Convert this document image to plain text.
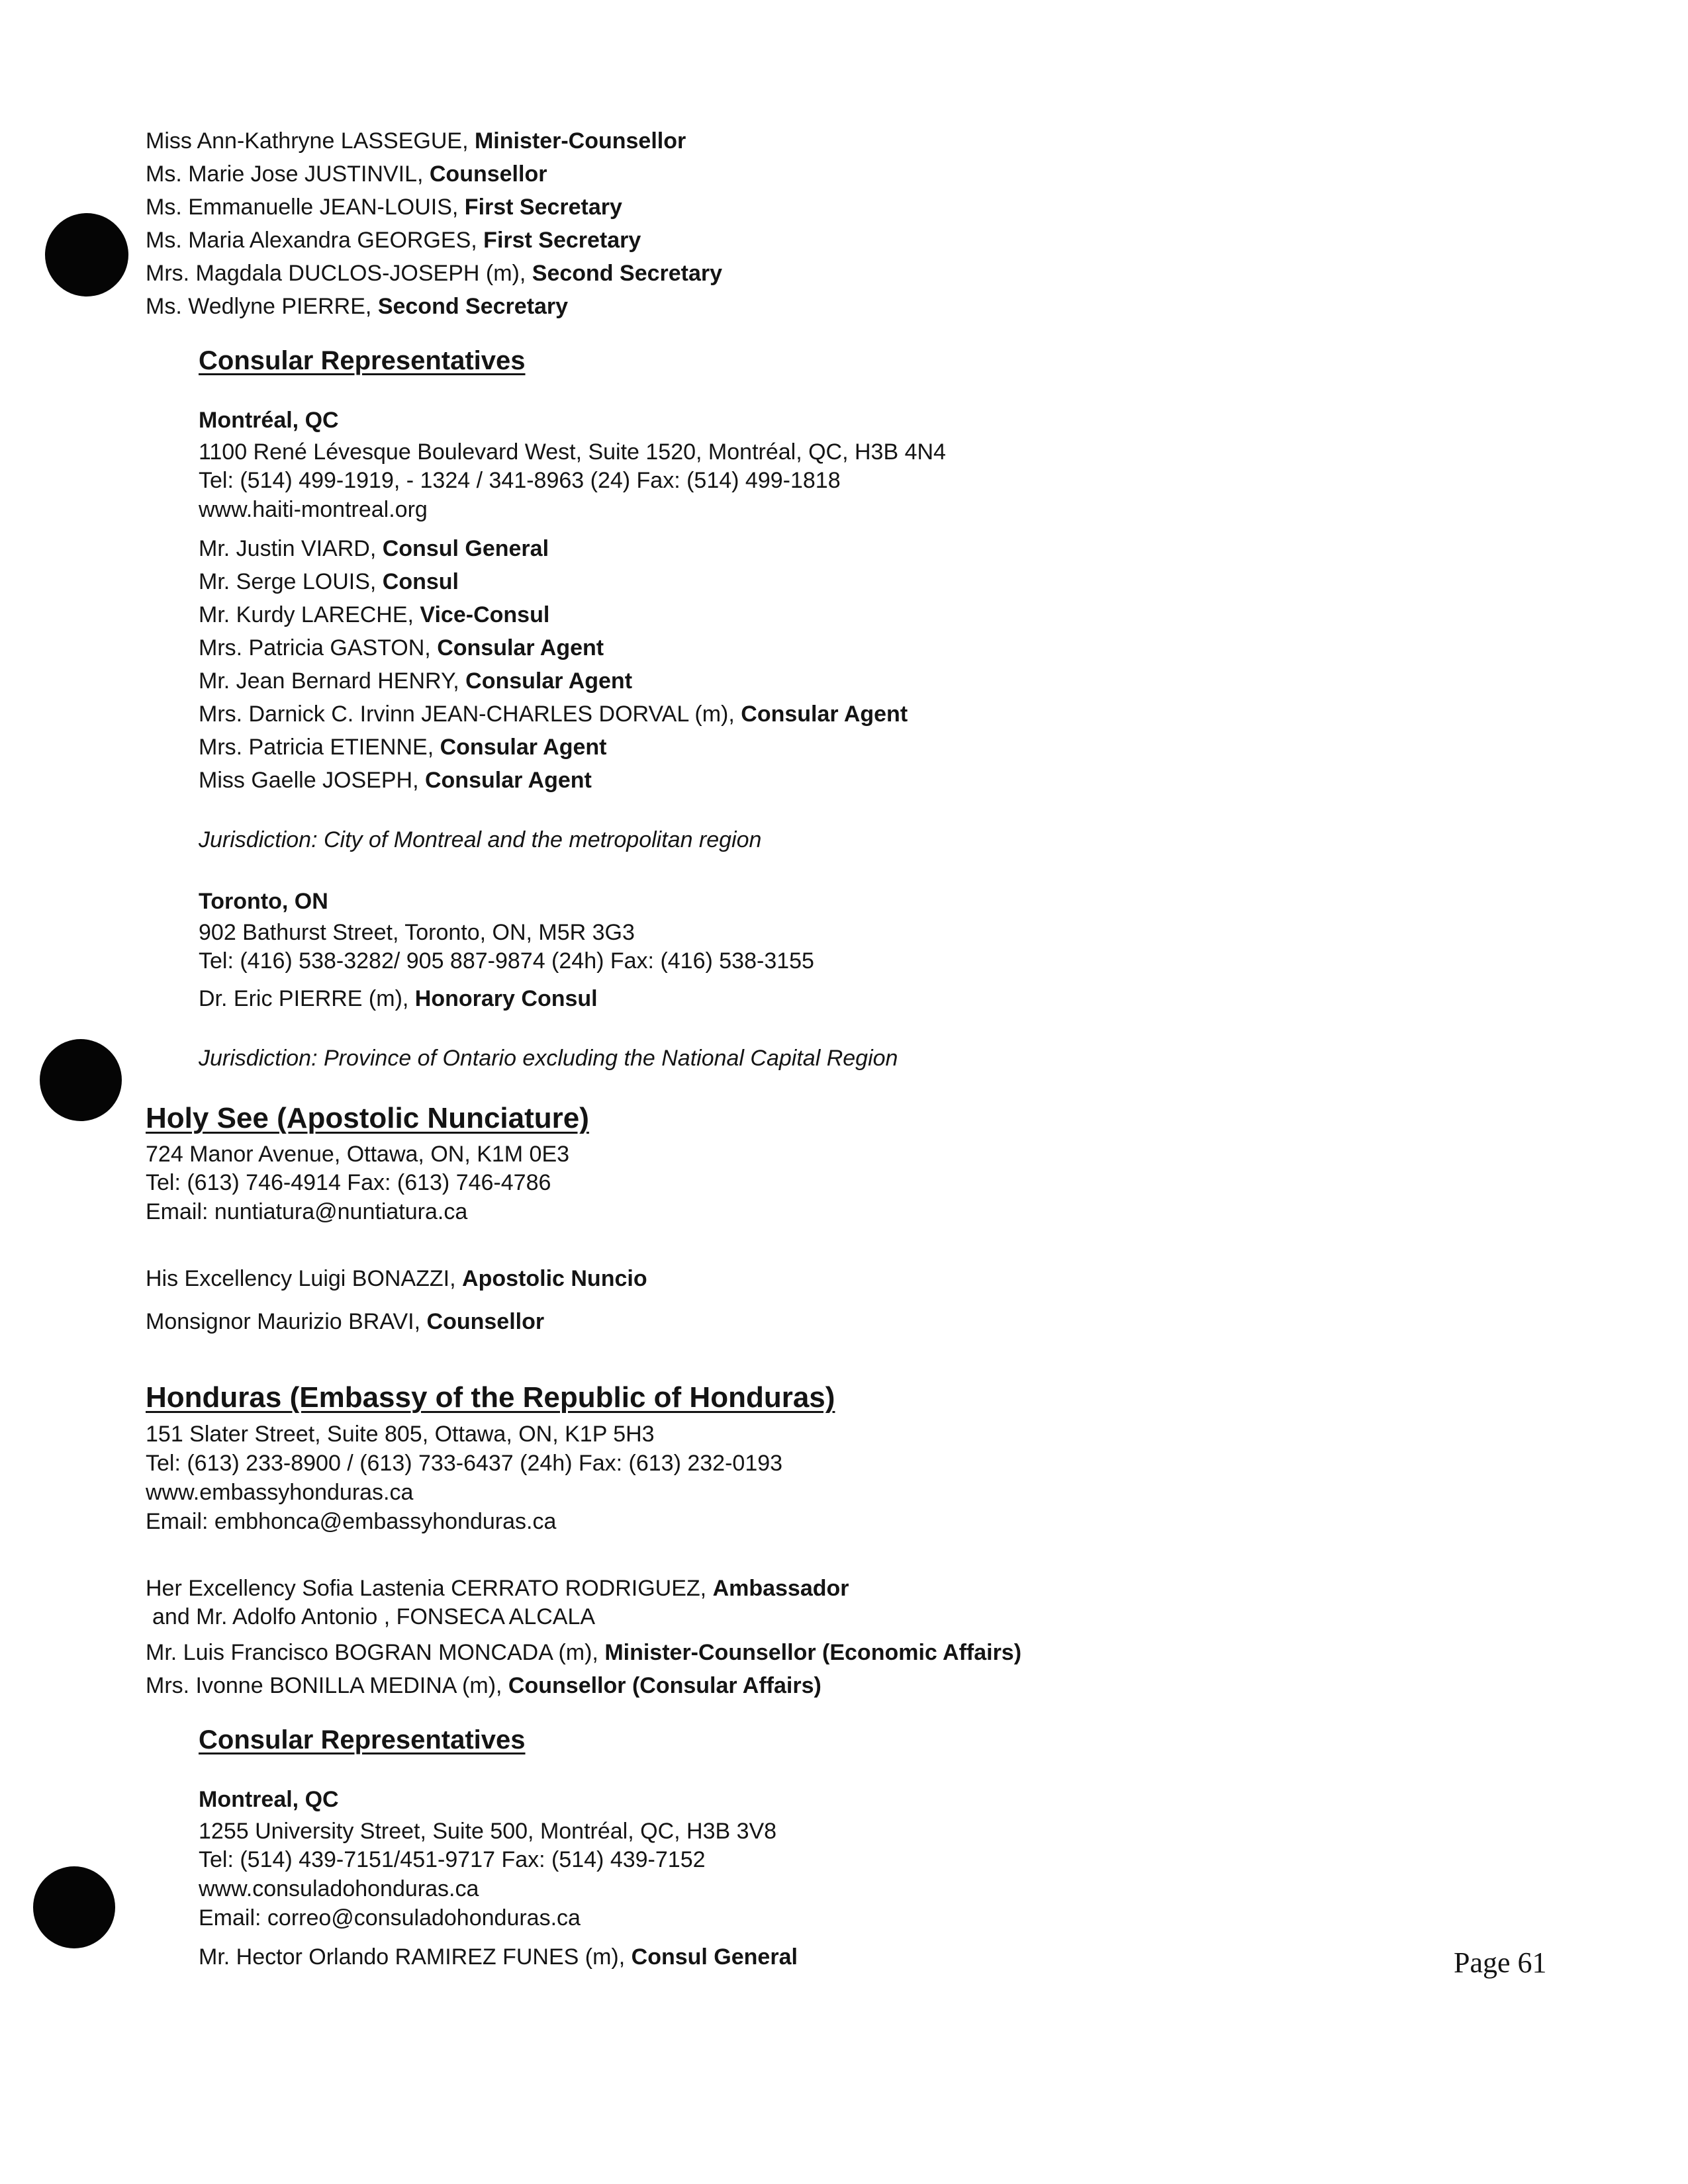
Miss Ann-Kathryne LASSEGUE, Minister-Counsellor
Ms. Marie Jose JUSTINVIL, Counsellor
Ms. Emmanuelle JEAN-LOUIS, First Secretary
Ms. Maria Alexandra GEORGES, First Secretary
Mrs. Magdala DUCLOS-JOSEPH (m), Second Secretary
Ms. Wedlyne PIERRE, Second Secretary
Consular Representatives
Montréal, QC
1100 René Lévesque Boulevard West, Suite 1520, Montréal, QC, H3B 4N4
Tel: (514) 499-1919, - 1324 / 341-8963 (24) Fax: (514) 499-1818
www.haiti-montreal.org
Mr. Justin VIARD, Consul General
Mr. Serge LOUIS, Consul
Mr. Kurdy LARECHE, Vice-Consul
Mrs. Patricia GASTON, Consular Agent
Mr. Jean Bernard HENRY, Consular Agent
Mrs. Darnick C. Irvinn JEAN-CHARLES DORVAL (m), Consular Agent
Mrs. Patricia ETIENNE, Consular Agent
Miss Gaelle JOSEPH, Consular Agent
Jurisdiction: City of Montreal and the metropolitan region
Toronto, ON
902 Bathurst Street, Toronto, ON, M5R 3G3
Tel: (416) 538-3282/ 905 887-9874 (24h) Fax: (416) 538-3155
Dr. Eric PIERRE (m), Honorary Consul
Jurisdiction: Province of Ontario excluding the National Capital Region
Holy See (Apostolic Nunciature)
724 Manor Avenue, Ottawa, ON, K1M 0E3
Tel: (613) 746-4914 Fax: (613) 746-4786
Email: nuntiatura@nuntiatura.ca
His Excellency Luigi BONAZZI, Apostolic Nuncio
Monsignor Maurizio BRAVI, Counsellor
Honduras (Embassy of the Republic of Honduras)
151 Slater Street, Suite 805, Ottawa, ON, K1P 5H3
Tel: (613) 233-8900 / (613) 733-6437 (24h) Fax: (613) 232-0193
www.embassyhonduras.ca
Email: embhonca@embassyhonduras.ca
Her Excellency Sofia Lastenia CERRATO RODRIGUEZ, Ambassador
and Mr. Adolfo Antonio , FONSECA ALCALA
Mr. Luis Francisco BOGRAN MONCADA (m), Minister-Counsellor (Economic Affairs)
Mrs. Ivonne BONILLA MEDINA (m), Counsellor (Consular Affairs)
Consular Representatives
Montreal, QC
1255 University Street, Suite 500, Montréal, QC, H3B 3V8
Tel: (514) 439-7151/451-9717 Fax: (514) 439-7152
www.consuladohonduras.ca
Email: correo@consuladohonduras.ca
Mr. Hector Orlando RAMIREZ FUNES (m), Consul General	Page 61
